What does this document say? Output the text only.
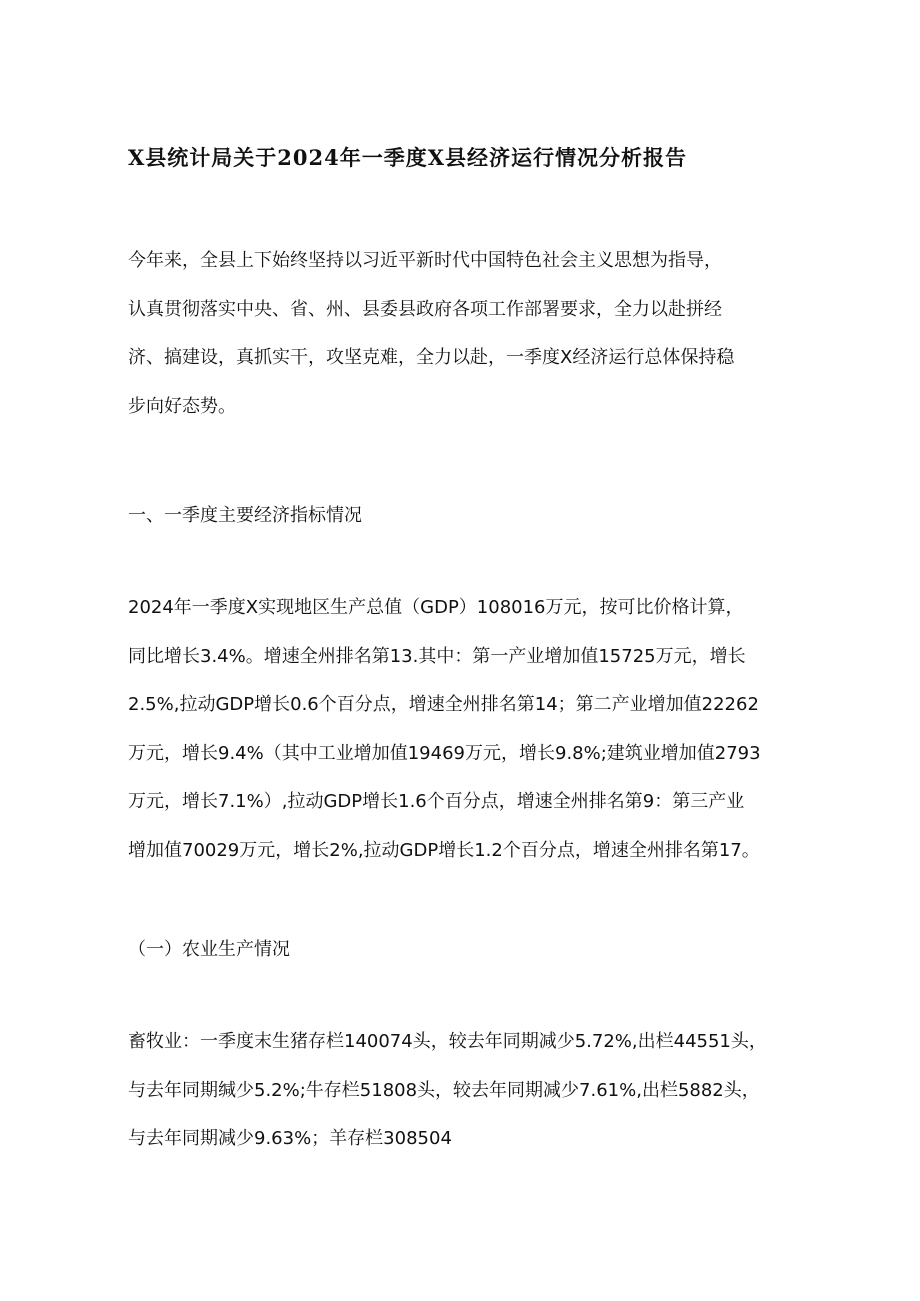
X县统计局关于2024年一季度X县经济运行情况分析报告
今年来，全县上下始终坚持以习近平新时代中国特色社会主义思想为指导，
认真贯彻落实中央、省、州、县委县政府各项工作部署要求，全力以赴拼经
济、搞建设，真抓实干，攻坚克难，全力以赴，一季度X经济运行总体保持稳
步向好态势。
一、一季度主要经济指标情况
2024年一季度X实现地区生产总值（GDP）108016万元，按可比价格计算，
同比增长3.4%。增速全州排名第13.其中：第一产业增加值15725万元，增长
2.5%,拉动GDP增长0.6个百分点，增速全州排名第14；第二产业增加值22262
万元，增长9.4%（其中工业增加值19469万元，增长9.8%;建筑业增加值2793
万元，增长7.1%）,拉动GDP增长1.6个百分点，增速全州排名第9：第三产业
增加值70029万元，增长2%,拉动GDP增长1.2个百分点，增速全州排名第17。
（一）农业生产情况
畜牧业：一季度末生猪存栏140074头，较去年同期减少5.72%,出栏44551头，
与去年同期缄少5.2%;牛存栏51808头，较去年同期减少7.61%,出栏5882头，
与去年同期减少9.63%；羊存栏308504
